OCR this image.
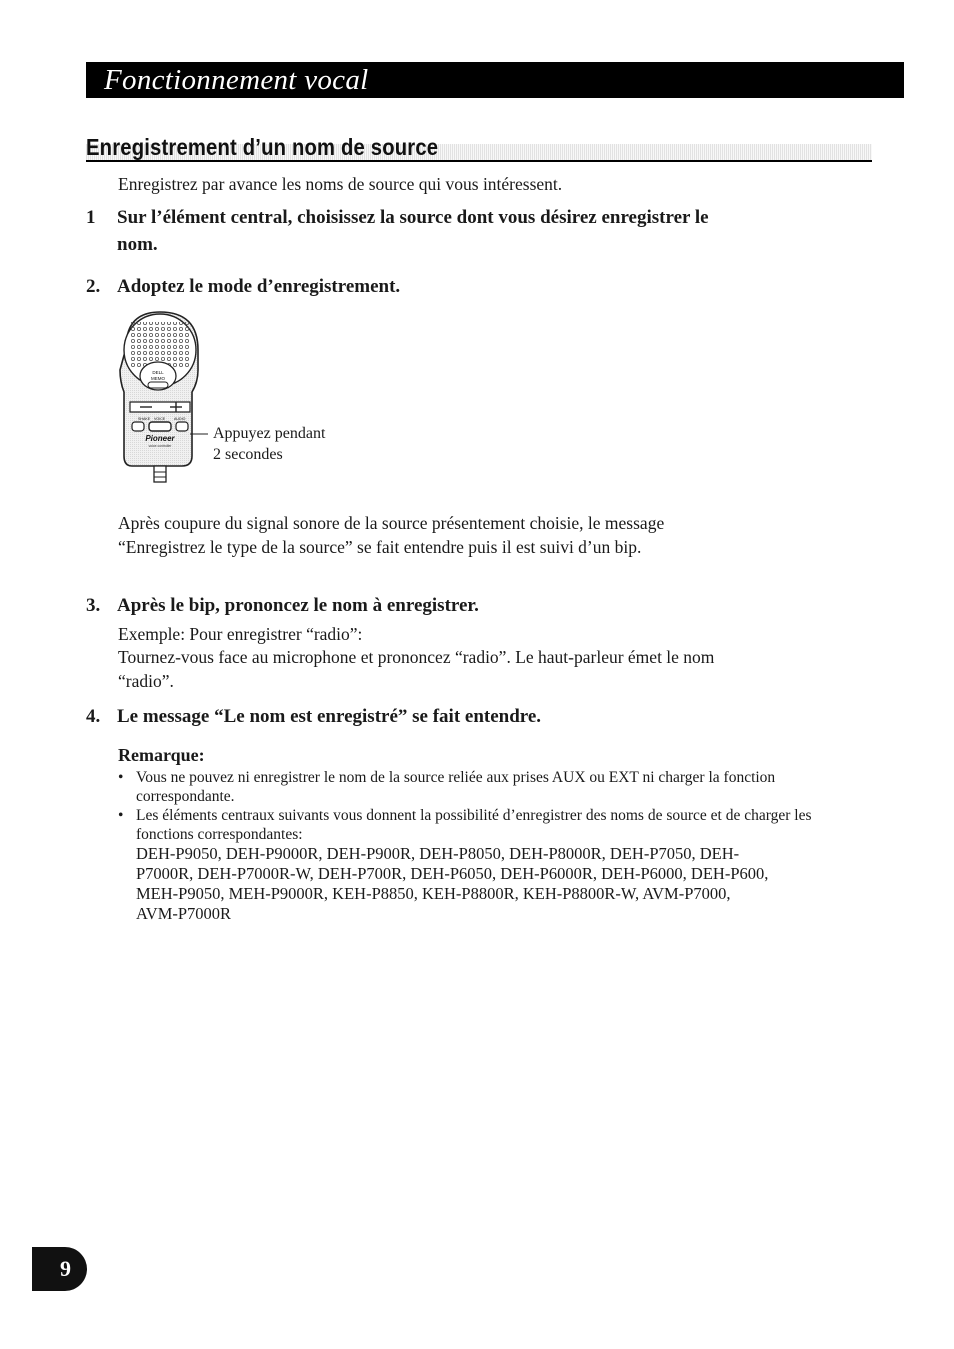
Fonctionnement vocal
Enregistrement d’un nom de source
Enregistrez par avance les noms de source qui vous intéressent.
1 Sur l’élément central, choisissez la source dont vous désirez enregistrer le
nom.
2. Adoptez le mode d’enregistrement.
DELL
MEMO
SHAKE VOICE AUDIO
Pioneer
voice controller
Appuyez pendant
2 secondes
Après coupure du signal sonore de la source présentement choisie, le message
“Enregistrez le type de la source” se fait entendre puis il est suivi d’un bip.
3. Après le bip, prononcez le nom à enregistrer.
Exemple: Pour enregistrer “radio”:
Tournez-vous face au microphone et prononcez “radio”. Le haut-parleur émet le nom
“radio”.
4. Le message “Le nom est enregistré” se fait entendre.
Remarque:
• Vous ne pouvez ni enregistrer le nom de la source reliée aux prises AUX ou EXT ni charger la fonction correspondante.
• Les éléments centraux suivants vous donnent la possibilité d’enregistrer des noms de source et de charger les fonctions correspondantes:
DEH-P9050, DEH-P9000R, DEH-P900R, DEH-P8050, DEH-P8000R, DEH-P7050, DEH-
P7000R, DEH-P7000R-W, DEH-P700R, DEH-P6050, DEH-P6000R, DEH-P6000, DEH-P600,
MEH-P9050, MEH-P9000R, KEH-P8850, KEH-P8800R, KEH-P8800R-W, AVM-P7000,
AVM-P7000R
9
